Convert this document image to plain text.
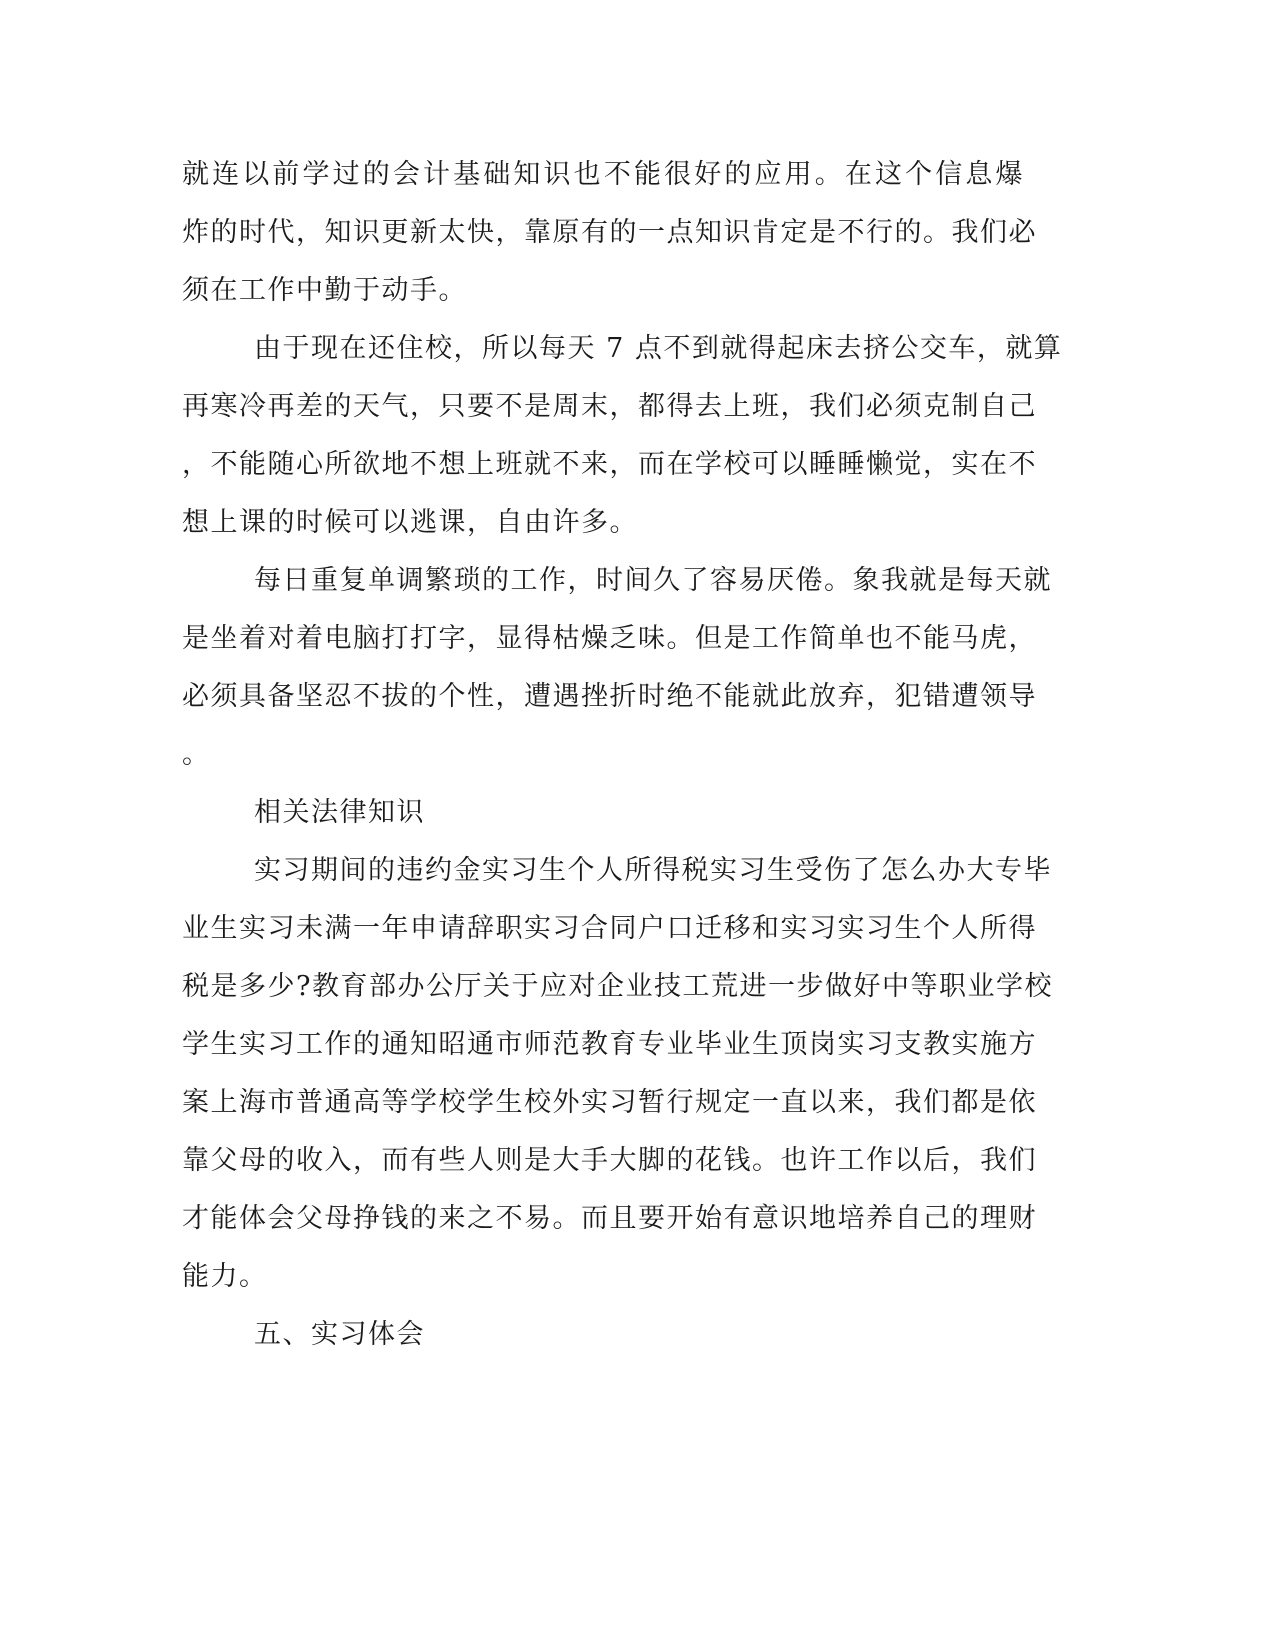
就连以前学过的会计基础知识也不能很好的应用。在这个信息爆
炸的时代，知识更新太快，靠原有的一点知识肯定是不行的。我们必
须在工作中勤于动手。
由于现在还住校，所以每天 7 点不到就得起床去挤公交车，就算
再寒冷再差的天气，只要不是周末，都得去上班，我们必须克制自己
，不能随心所欲地不想上班就不来，而在学校可以睡睡懒觉，实在不
想上课的时候可以逃课，自由许多。
每日重复单调繁琐的工作，时间久了容易厌倦。象我就是每天就
是坐着对着电脑打打字，显得枯燥乏味。但是工作简单也不能马虎，
必须具备坚忍不拔的个性，遭遇挫折时绝不能就此放弃，犯错遭领导
。
相关法律知识
实习期间的违约金实习生个人所得税实习生受伤了怎么办大专毕
业生实习未满一年申请辞职实习合同户口迁移和实习实习生个人所得
税是多少?教育部办公厅关于应对企业技工荒进一步做好中等职业学校
学生实习工作的通知昭通市师范教育专业毕业生顶岗实习支教实施方
案上海市普通高等学校学生校外实习暂行规定一直以来，我们都是依
靠父母的收入，而有些人则是大手大脚的花钱。也许工作以后，我们
才能体会父母挣钱的来之不易。而且要开始有意识地培养自己的理财
能力。
五、实习体会
